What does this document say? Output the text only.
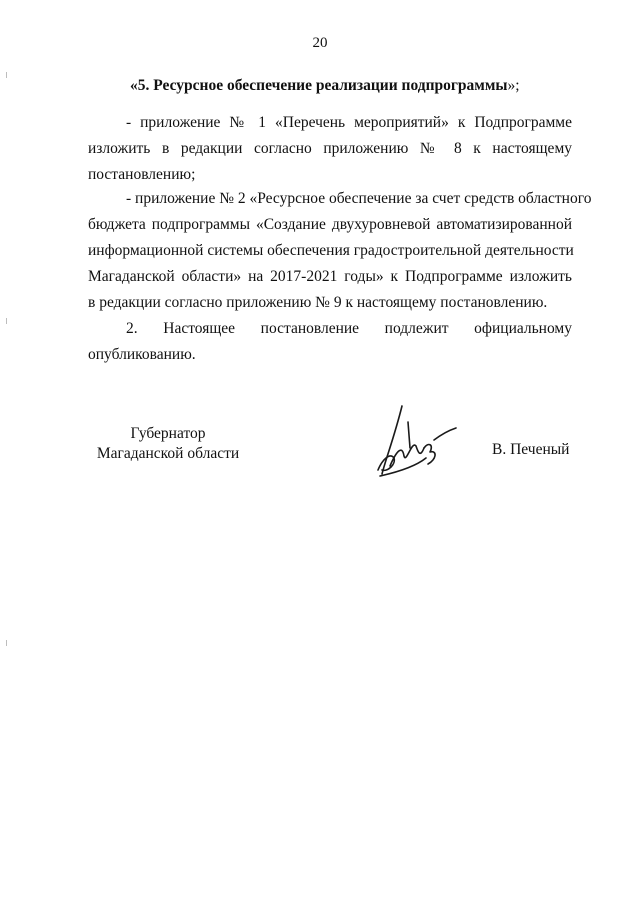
20
«5. Ресурсное обеспечение реализации подпрограммы»;
- приложение № 1 «Перечень мероприятий» к Подпрограмме
изложить в редакции согласно приложению № 8 к настоящему
постановлению;
- приложение № 2 «Ресурсное обеспечение за счет средств областного
бюджета подпрограммы «Создание двухуровневой автоматизированной
информационной системы обеспечения градостроительной деятельности
Магаданской области» на 2017-2021 годы» к Подпрограмме изложить
в редакции согласно приложению № 9 к настоящему постановлению.
2. Настоящее постановление подлежит официальному
опубликованию.
Губернатор
Магаданской области	В. Печеный
